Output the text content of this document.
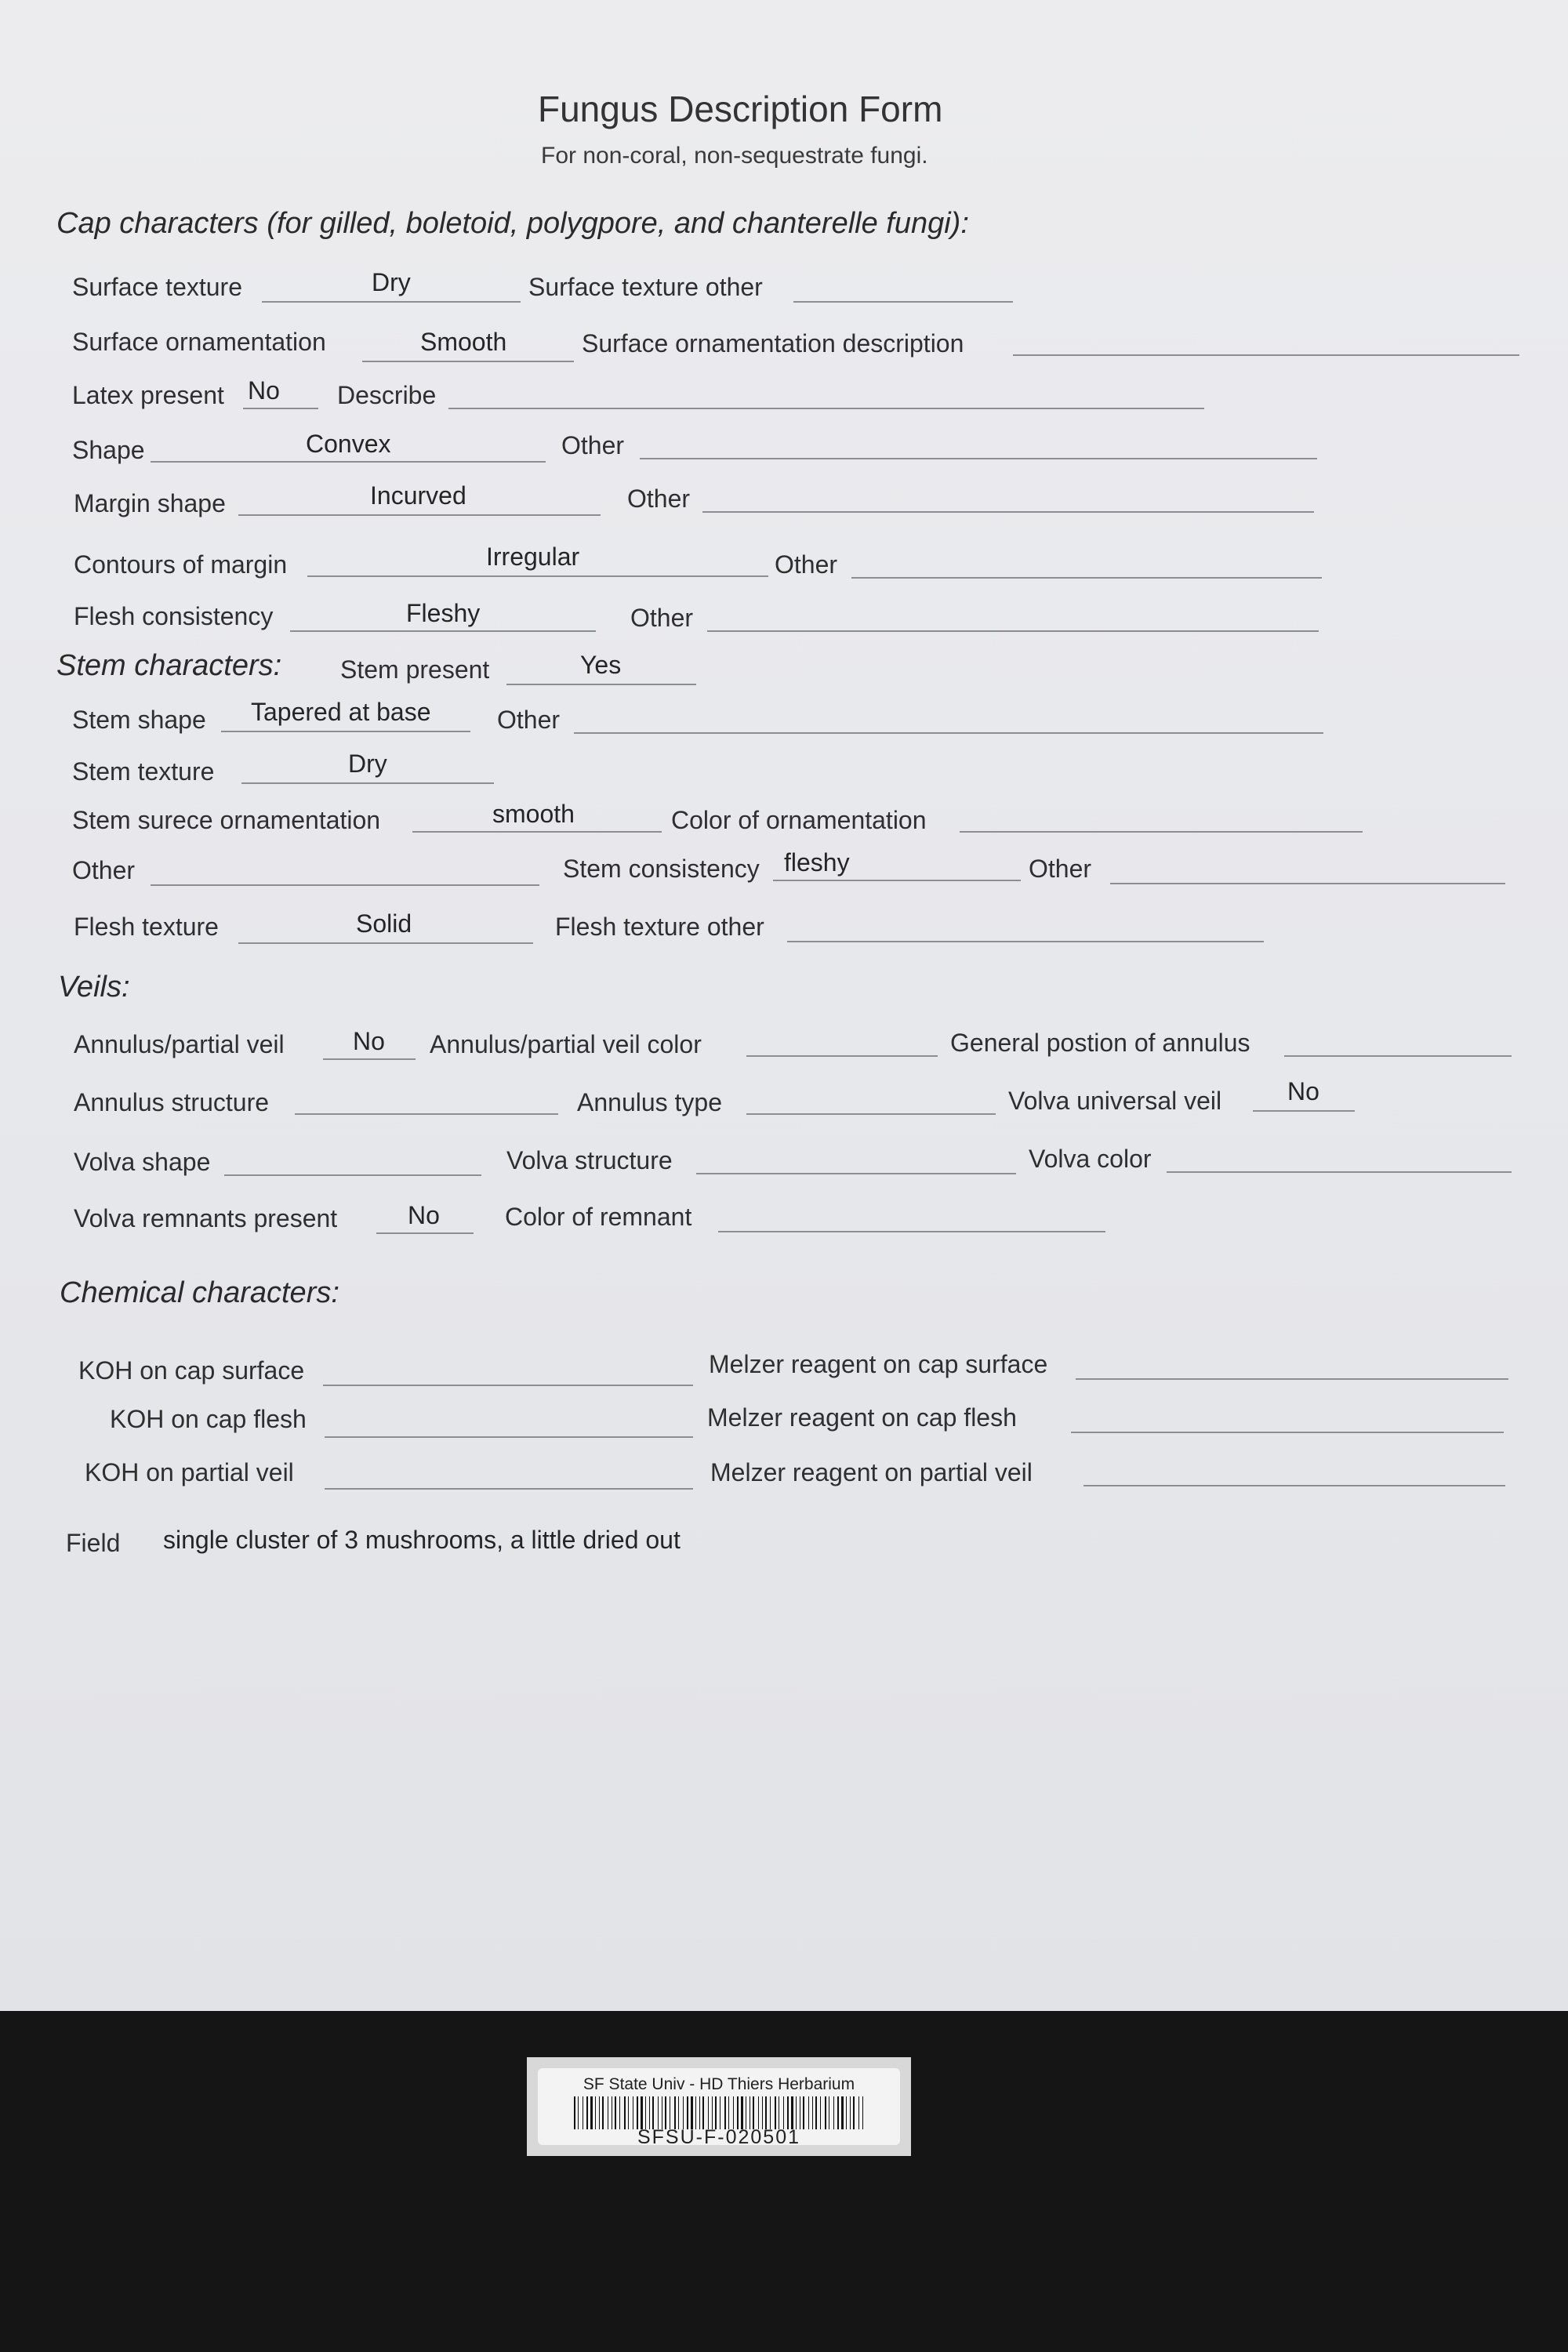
Fungus Description Form
For non-coral, non-sequestrate fungi.
Cap characters (for gilled, boletoid, polygpore, and chanterelle fungi):
Surface texture	Dry	Surface texture other
Surface ornamentation	Smooth	Surface ornamentation description
Latex present No Describe
Shape	Convex	Other
Margin shape	Incurved	Other
Contours of margin	Irregular	Other
Flesh consistency	Fleshy	Other
Stem characters: Stem present	Yes
Stem shape Tapered at base	Other
Stem texture	Dry
Stem surece ornamentation	smooth	Color of ornamentation
Other	Stem consistency fleshy	Other
Flesh texture	Solid	Flesh texture other
Veils:
Annulus/partial veil	No Annulus/partial veil color	General postion of annulus
Annulus structure	Annulus type	Volva universal veil	No
Volva shape	Volva structure	Volva color
Volva remnants present	No	Color of remnant
Chemical characters:
KOH on cap surface	Melzer reagent on cap surface
KOH on cap flesh	Melzer reagent on cap flesh
KOH on partial veil	Melzer reagent on partial veil
Field single cluster of 3 mushrooms, a little dried out
SF State Univ - HD Thiers Herbarium
SFSU-F-020501
